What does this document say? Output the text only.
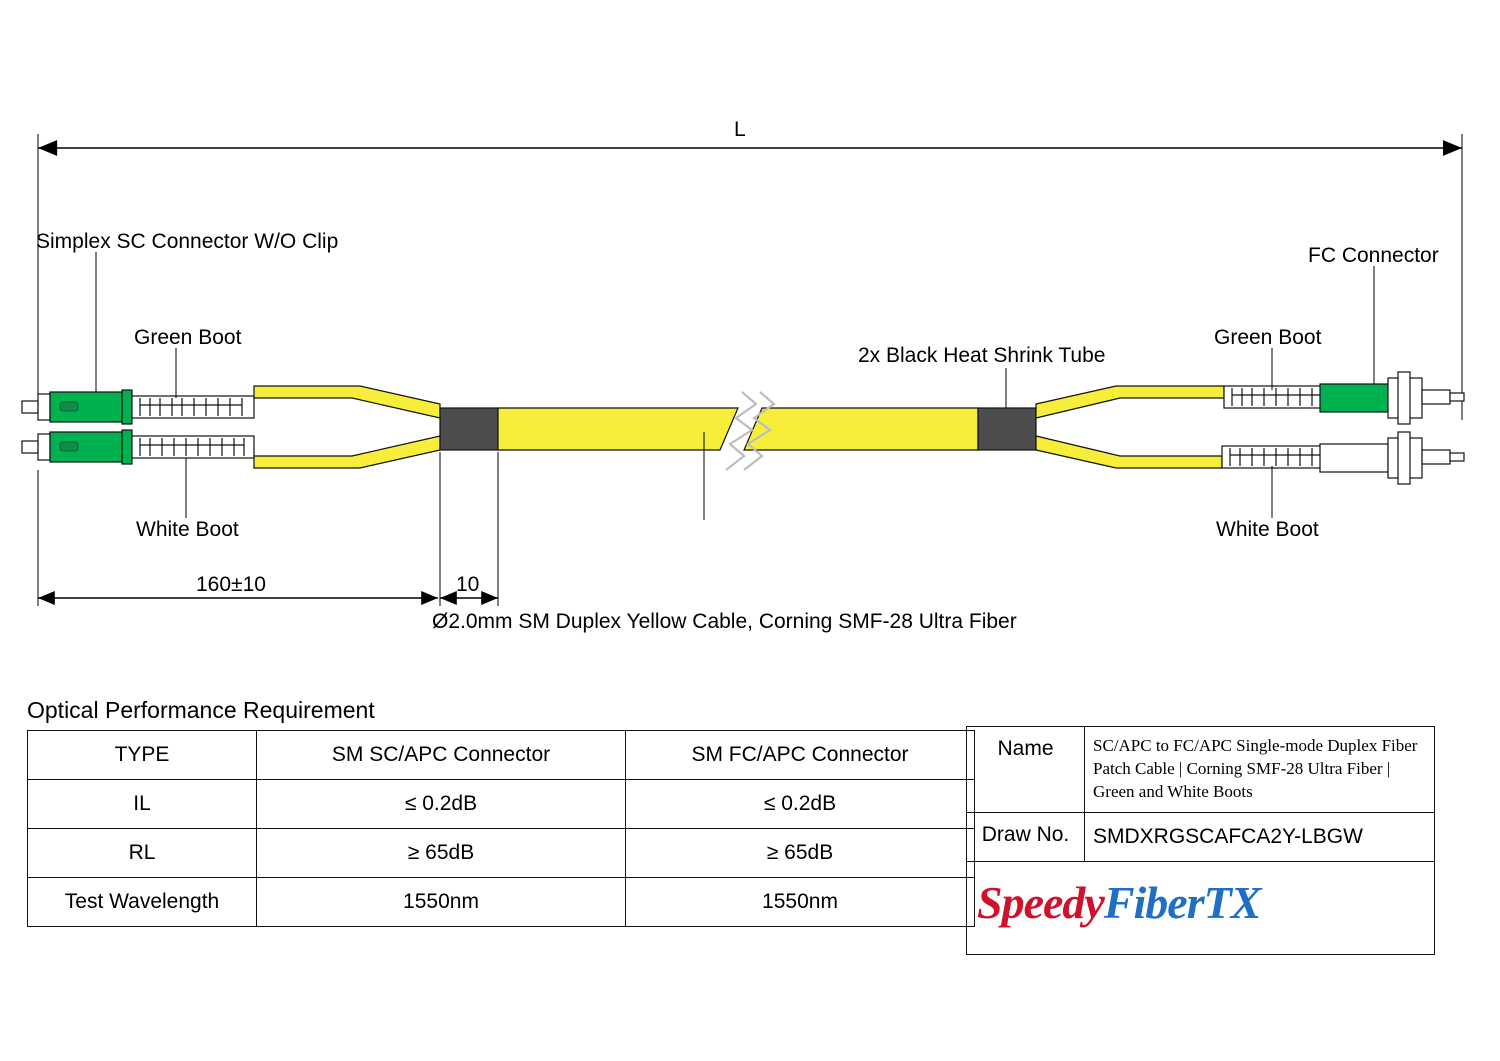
L
Simplex SC Connector W/O Clip
Green Boot
White Boot
2x Black Heat Shrink Tube
FC Connector
Green Boot
White Boot
160±10	10
Ø2.0mm SM Duplex Yellow Cable, Corning SMF-28 Ultra Fiber
Optical Performance Requirement
TYPE	SM SC/APC Connector	SM FC/APC Connector
IL	≤ 0.2dB	≤ 0.2dB
RL	≥ 65dB	≥ 65dB
Test Wavelength	1550nm	1550nm
Name	SC/APC to FC/APC Single-mode Duplex Fiber Patch Cable | Corning SMF-28 Ultra Fiber | Green and White Boots
Draw No.	SMDXRGSCAFCA2Y-LBGW
SpeedyFiberTX
